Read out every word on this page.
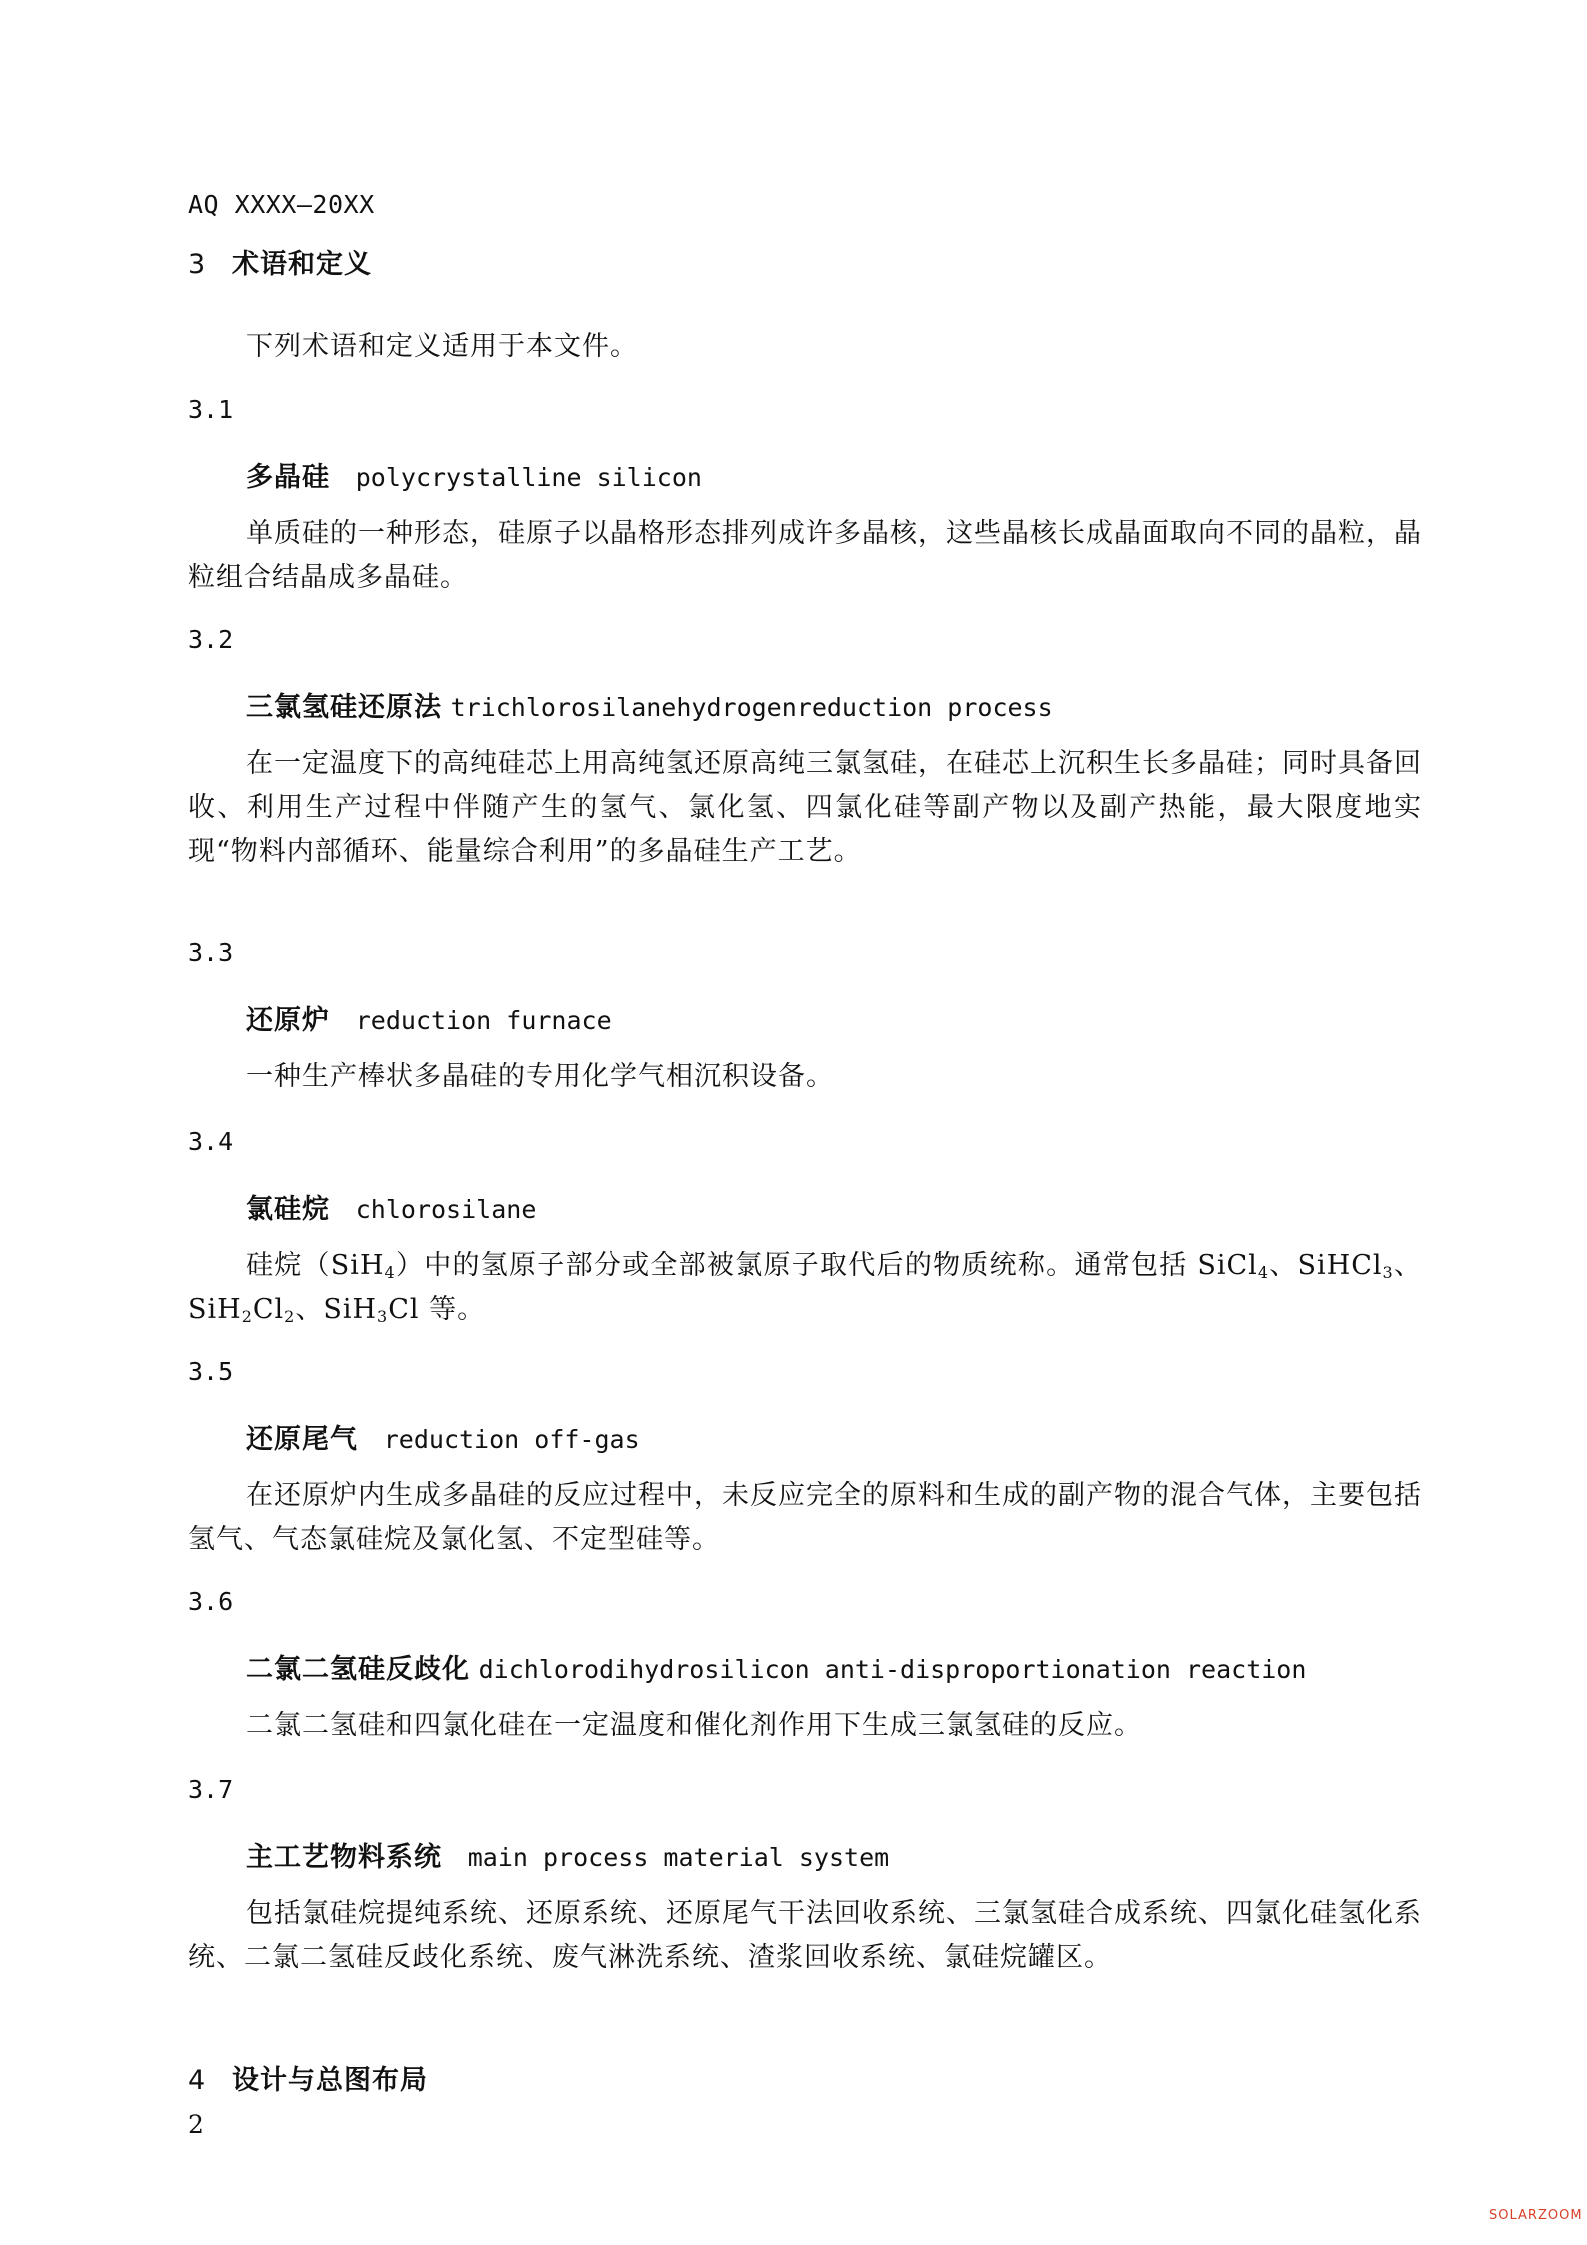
AQ XXXX—20XX
3 术语和定义
下列术语和定义适用于本文件。
3.1
多晶硅 polycrystalline silicon
单质硅的一种形态，硅原子以晶格形态排列成许多晶核，这些晶核长成晶面取向不同的晶粒，晶粒组合结晶成多晶硅。
3.2
三氯氢硅还原法 trichlorosilanehydrogenreduction process
在一定温度下的高纯硅芯上用高纯氢还原高纯三氯氢硅，在硅芯上沉积生长多晶硅；同时具备回收、利用生产过程中伴随产生的氢气、氯化氢、四氯化硅等副产物以及副产热能，最大限度地实现“物料内部循环、能量综合利用”的多晶硅生产工艺。
3.3
还原炉 reduction furnace
一种生产棒状多晶硅的专用化学气相沉积设备。
3.4
氯硅烷 chlorosilane
硅烷（SiH$_4$）中的氢原子部分或全部被氯原子取代后的物质统称。通常包括 SiCl$_4$、SiHCl$_3$、$SiH_2Cl_2$、SiH$_3$Cl 等。
3.5
还原尾气 reduction off-gas
在还原炉内生成多晶硅的反应过程中，未反应完全的原料和生成的副产物的混合气体，主要包括氢气、气态氯硅烷及氯化氢、不定型硅等。
3.6
二氯二氢硅反歧化 dichlorodihydrosilicon anti-disproportionation reaction
二氯二氢硅和四氯化硅在一定温度和催化剂作用下生成三氯氢硅的反应。
3.7
主工艺物料系统 main process material system
包括氯硅烷提纯系统、还原系统、还原尾气干法回收系统、三氯氢硅合成系统、四氯化硅氢化系统、二氯二氢硅反歧化系统、废气淋洗系统、渣浆回收系统、氯硅烷罐区。
4 设计与总图布局
2
SOLARZOOM
